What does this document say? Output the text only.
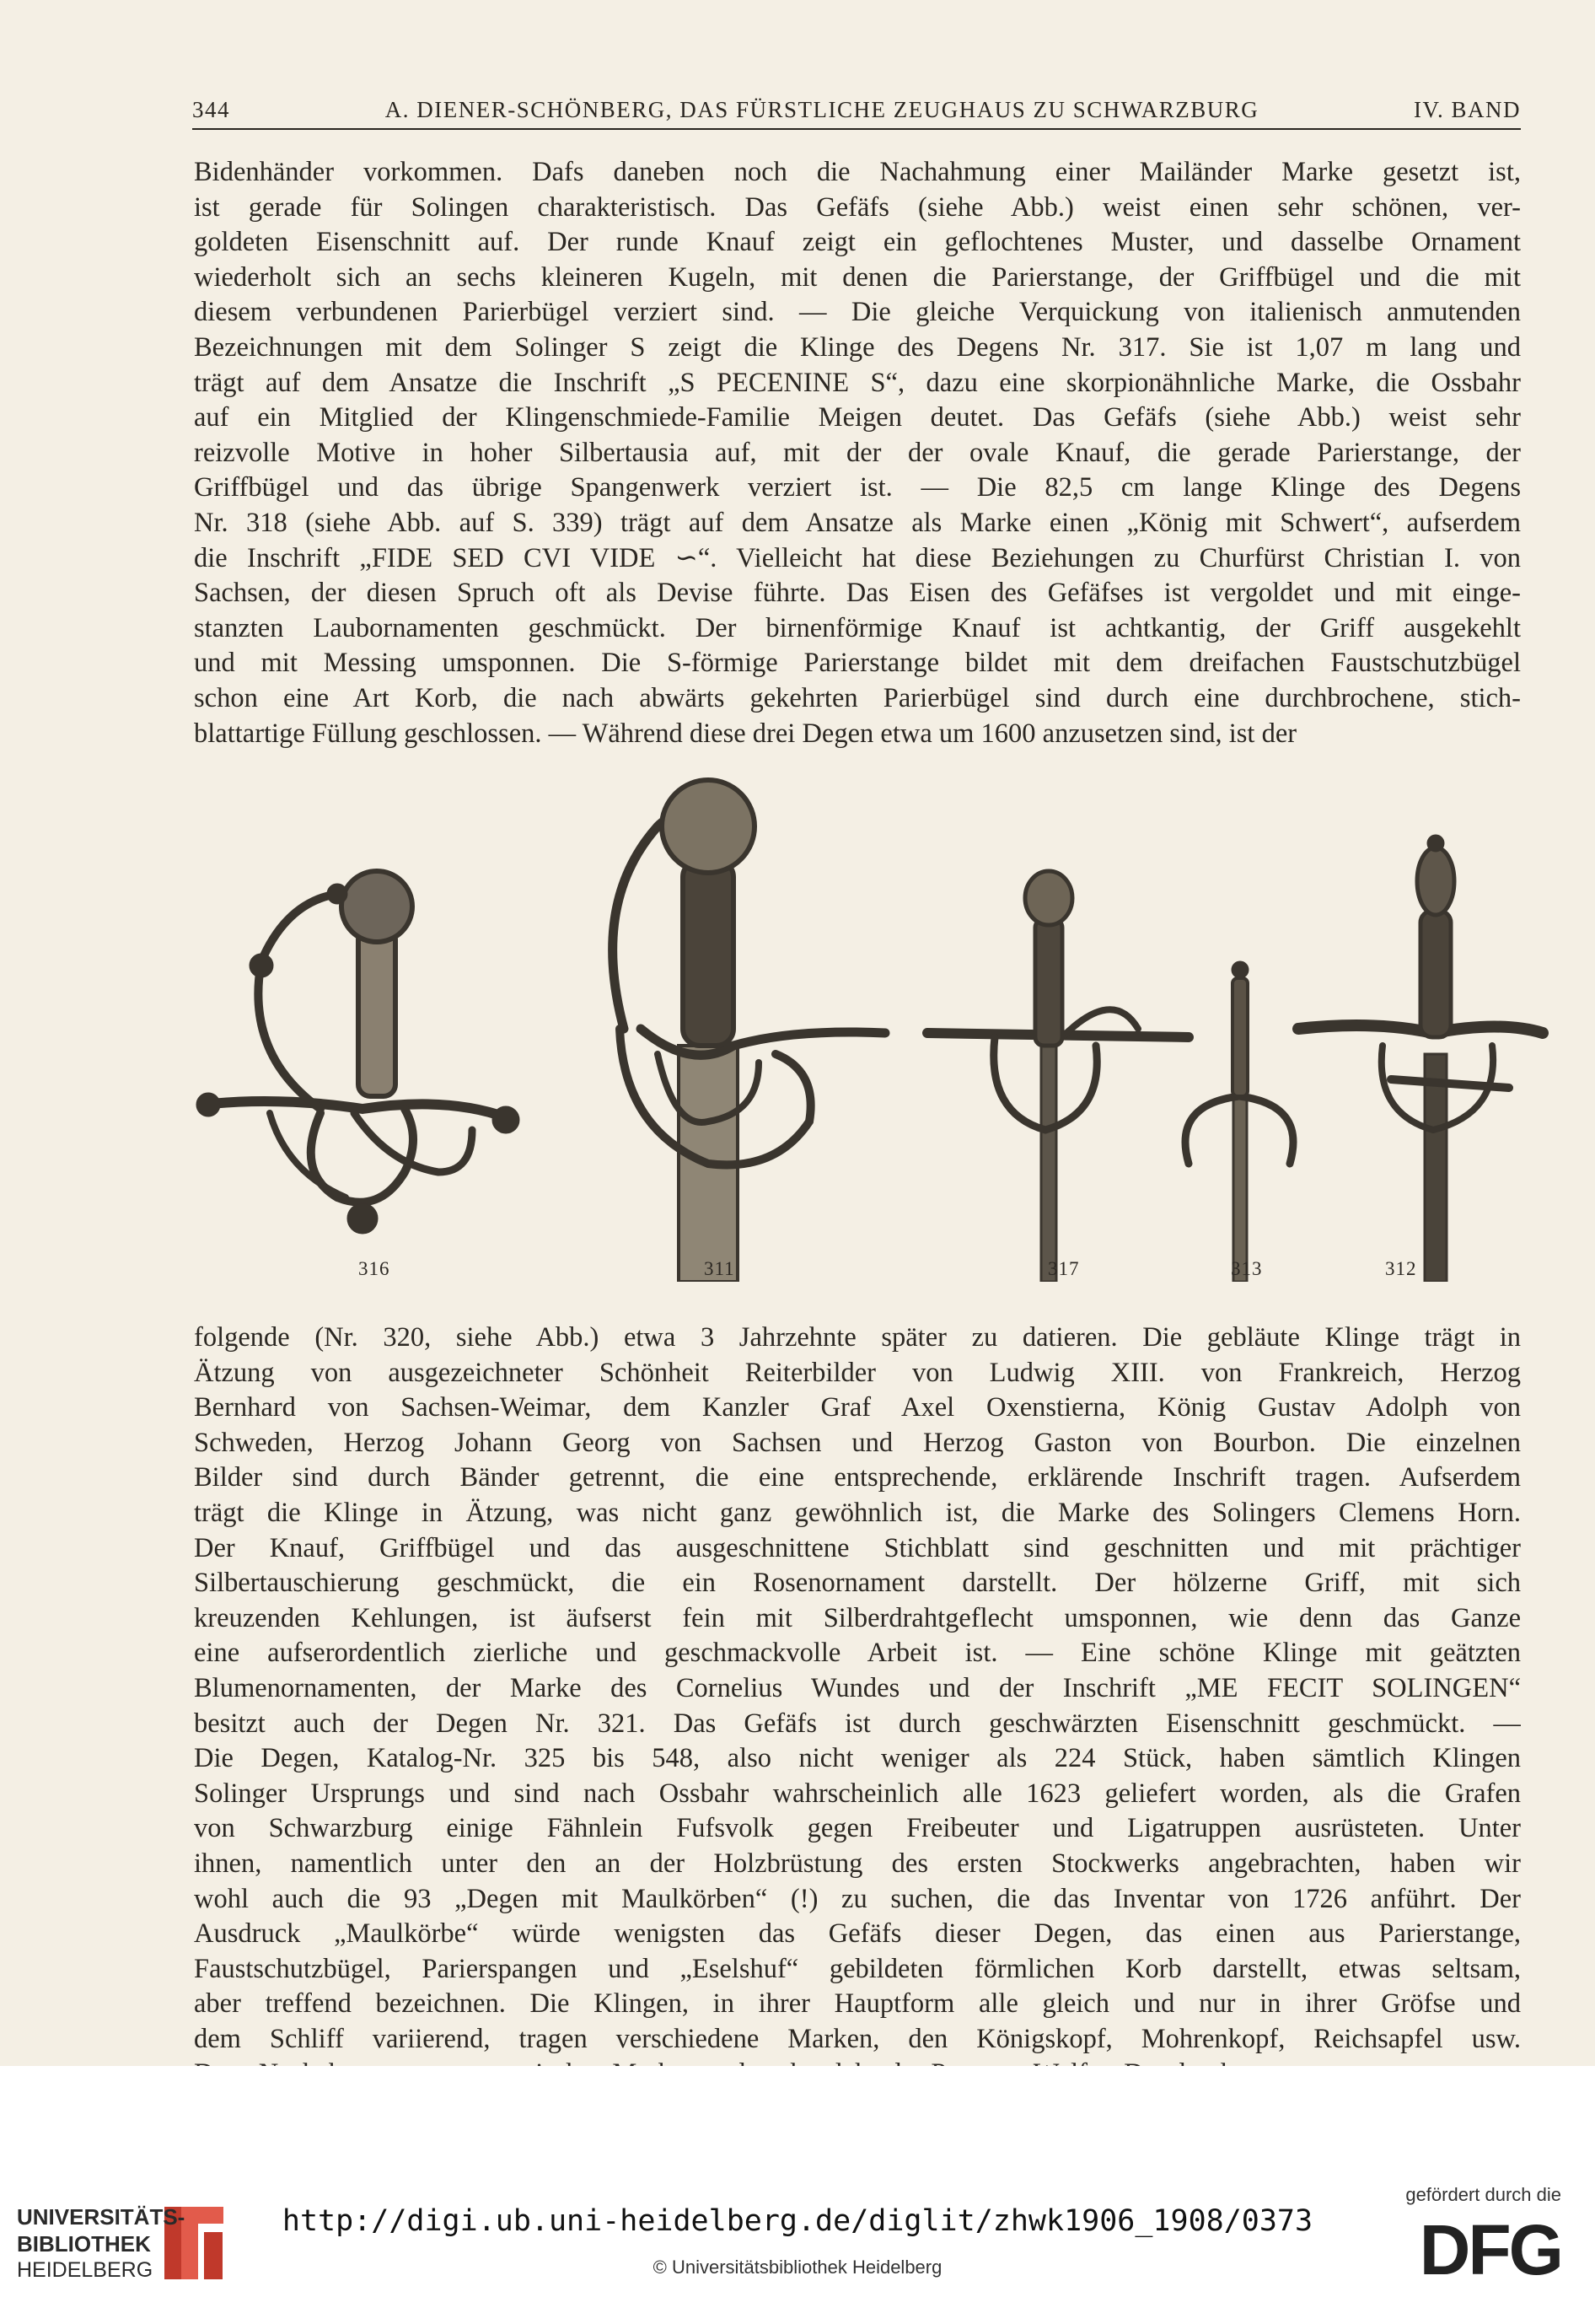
344	A. DIENER-SCHÖNBERG, DAS FÜRSTLICHE ZEUGHAUS ZU SCHWARZBURG	IV. BAND
Bidenhänder vorkommen. Dafs daneben noch die Nachahmung einer Mailänder Marke gesetzt ist,
ist gerade für Solingen charakteristisch. Das Gefäfs (siehe Abb.) weist einen sehr schönen, ver-
goldeten Eisenschnitt auf. Der runde Knauf zeigt ein geflochtenes Muster, und dasselbe Ornament
wiederholt sich an sechs kleineren Kugeln, mit denen die Parierstange, der Griffbügel und die mit
diesem verbundenen Parierbügel verziert sind. — Die gleiche Verquickung von italienisch anmutenden
Bezeichnungen mit dem Solinger S zeigt die Klinge des Degens Nr. 317. Sie ist 1,07 m lang und
trägt auf dem Ansatze die Inschrift „S PECENINE S“, dazu eine skorpionähnliche Marke, die Ossbahr
auf ein Mitglied der Klingenschmiede-Familie Meigen deutet. Das Gefäfs (siehe Abb.) weist sehr
reizvolle Motive in hoher Silbertausia auf, mit der der ovale Knauf, die gerade Parierstange, der
Griffbügel und das übrige Spangenwerk verziert ist. — Die 82,5 cm lange Klinge des Degens
Nr. 318 (siehe Abb. auf S. 339) trägt auf dem Ansatze als Marke einen „König mit Schwert“, aufserdem
die Inschrift „FIDE SED CVI VIDE ∽“. Vielleicht hat diese Beziehungen zu Churfürst Christian I. von
Sachsen, der diesen Spruch oft als Devise führte. Das Eisen des Gefäfses ist vergoldet und mit einge-
stanzten Laubornamenten geschmückt. Der birnenförmige Knauf ist achtkantig, der Griff ausgekehlt
und mit Messing umsponnen. Die S-förmige Parierstange bildet mit dem dreifachen Faustschutzbügel
schon eine Art Korb, die nach abwärts gekehrten Parierbügel sind durch eine durchbrochene, stich-
blattartige Füllung geschlossen. — Während diese drei Degen etwa um 1600 anzusetzen sind, ist der
316	311	317	313	312
folgende (Nr. 320, siehe Abb.) etwa 3 Jahrzehnte später zu datieren. Die gebläute Klinge trägt in
Ätzung von ausgezeichneter Schönheit Reiterbilder von Ludwig XIII. von Frankreich, Herzog
Bernhard von Sachsen-Weimar, dem Kanzler Graf Axel Oxenstierna, König Gustav Adolph von
Schweden, Herzog Johann Georg von Sachsen und Herzog Gaston von Bourbon. Die einzelnen
Bilder sind durch Bänder getrennt, die eine entsprechende, erklärende Inschrift tragen. Aufserdem
trägt die Klinge in Ätzung, was nicht ganz gewöhnlich ist, die Marke des Solingers Clemens Horn.
Der Knauf, Griffbügel und das ausgeschnittene Stichblatt sind geschnitten und mit prächtiger
Silbertauschierung geschmückt, die ein Rosenornament darstellt. Der hölzerne Griff, mit sich
kreuzenden Kehlungen, ist äufserst fein mit Silberdrahtgeflecht umsponnen, wie denn das Ganze
eine aufserordentlich zierliche und geschmackvolle Arbeit ist. — Eine schöne Klinge mit geätzten
Blumenornamenten, der Marke des Cornelius Wundes und der Inschrift „ME FECIT SOLINGEN“
besitzt auch der Degen Nr. 321. Das Gefäfs ist durch geschwärzten Eisenschnitt geschmückt. —
Die Degen, Katalog-Nr. 325 bis 548, also nicht weniger als 224 Stück, haben sämtlich Klingen
Solinger Ursprungs und sind nach Ossbahr wahrscheinlich alle 1623 geliefert worden, als die Grafen
von Schwarzburg einige Fähnlein Fufsvolk gegen Freibeuter und Ligatruppen ausrüsteten. Unter
ihnen, namentlich unter den an der Holzbrüstung des ersten Stockwerks angebrachten, haben wir
wohl auch die 93 „Degen mit Maulkörben“ (!) zu suchen, die das Inventar von 1726 anführt. Der
Ausdruck „Maulkörbe“ würde wenigsten das Gefäfs dieser Degen, das einen aus Parierstange,
Faustschutzbügel, Parierspangen und „Eselshuf“ gebildeten förmlichen Korb darstellt, etwas seltsam,
aber treffend bezeichnen. Die Klingen, in ihrer Hauptform alle gleich und nur in ihrer Gröfse und
dem Schliff variierend, tragen verschiedene Marken, den Königskopf, Mohrenkopf, Reichsapfel usw.
UNIVERSITÄTS-
BIBLIOTHEK
HEIDELBERG
http://digi.ub.uni-heidelberg.de/diglit/zhwk1906_1908/0373
© Universitätsbibliothek Heidelberg
gefördert durch die
DFG
